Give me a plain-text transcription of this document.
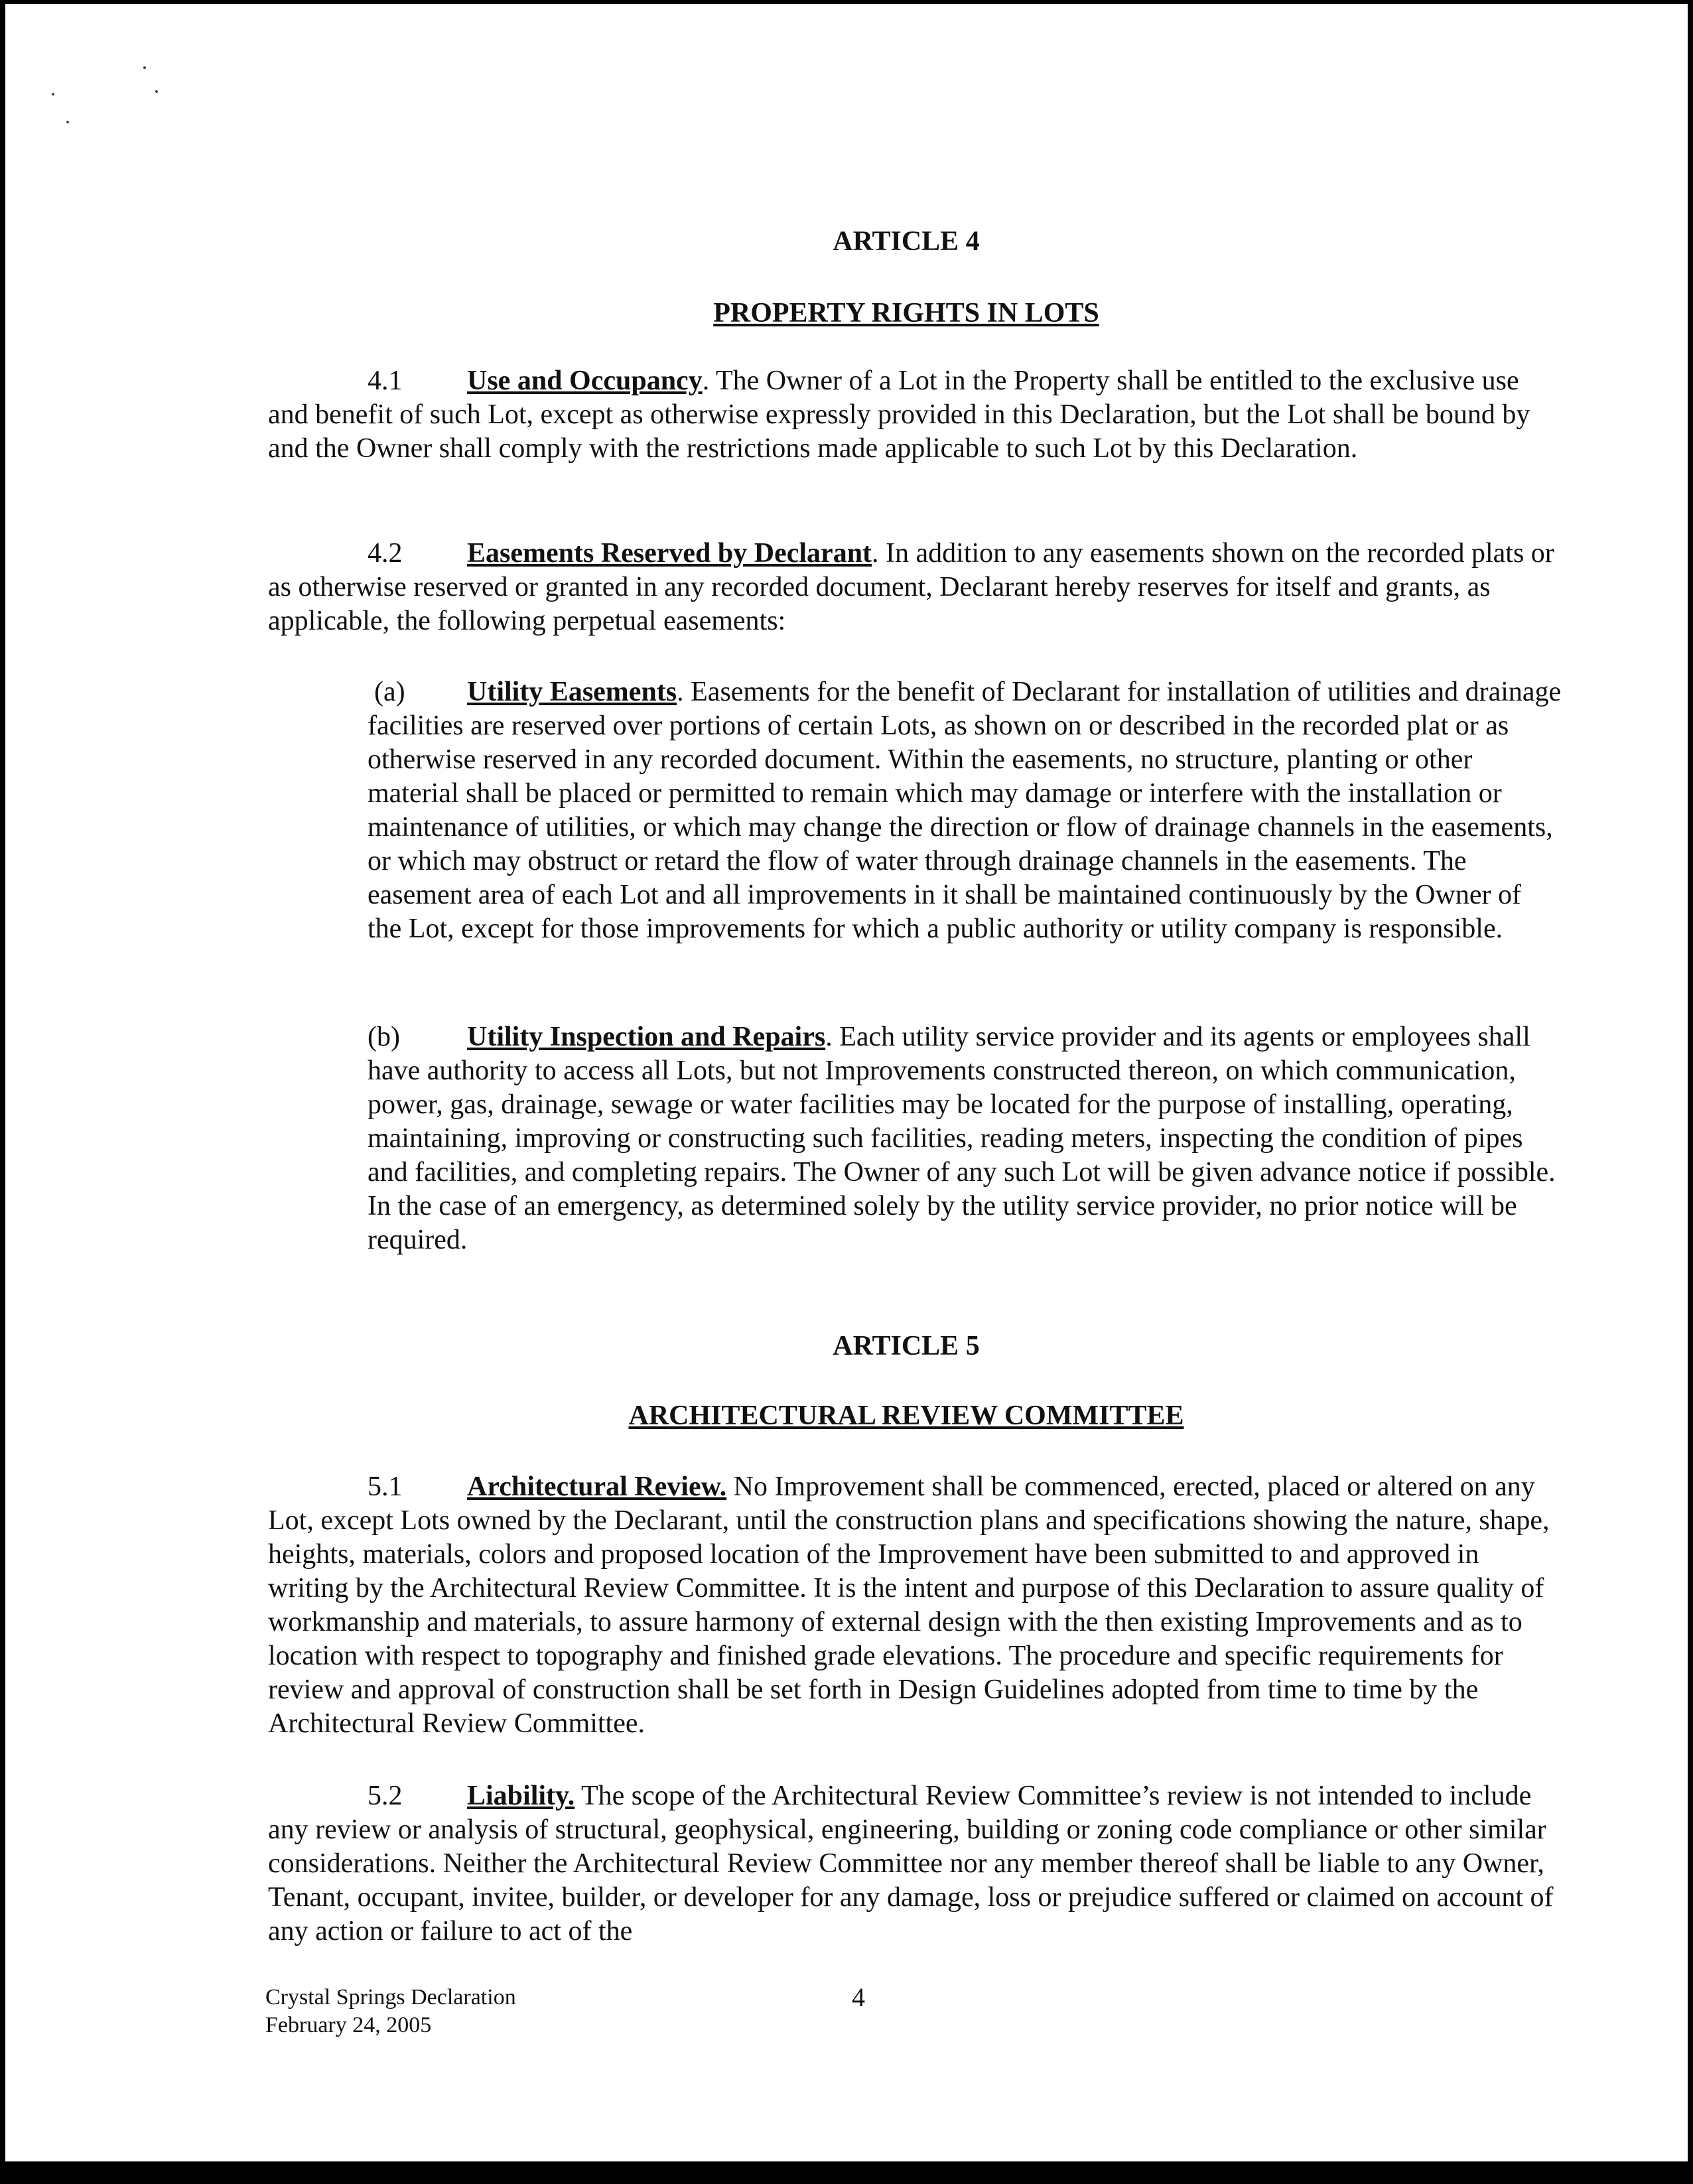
ARTICLE 4
PROPERTY RIGHTS IN LOTS

4.1 Use and Occupancy. The Owner of a Lot in the Property shall be entitled to the exclusive use and benefit of such Lot, except as otherwise expressly provided in this Declaration, but the Lot shall be bound by and the Owner shall comply with the restrictions made applicable to such Lot by this Declaration.

4.2 Easements Reserved by Declarant. In addition to any easements shown on the recorded plats or as otherwise reserved or granted in any recorded document, Declarant hereby reserves for itself and grants, as applicable, the following perpetual easements:

(a) Utility Easements. Easements for the benefit of Declarant for installation of utilities and drainage facilities are reserved over portions of certain Lots, as shown on or described in the recorded plat or as otherwise reserved in any recorded document. Within the easements, no structure, planting or other material shall be placed or permitted to remain which may damage or interfere with the installation or maintenance of utilities, or which may change the direction or flow of drainage channels in the easements, or which may obstruct or retard the flow of water through drainage channels in the easements. The easement area of each Lot and all improvements in it shall be maintained continuously by the Owner of the Lot, except for those improvements for which a public authority or utility company is responsible.

(b) Utility Inspection and Repairs. Each utility service provider and its agents or employees shall have authority to access all Lots, but not Improvements constructed thereon, on which communication, power, gas, drainage, sewage or water facilities may be located for the purpose of installing, operating, maintaining, improving or constructing such facilities, reading meters, inspecting the condition of pipes and facilities, and completing repairs. The Owner of any such Lot will be given advance notice if possible. In the case of an emergency, as determined solely by the utility service provider, no prior notice will be required.

ARTICLE 5
ARCHITECTURAL REVIEW COMMITTEE

5.1 Architectural Review. No Improvement shall be commenced, erected, placed or altered on any Lot, except Lots owned by the Declarant, until the construction plans and specifications showing the nature, shape, heights, materials, colors and proposed location of the Improvement have been submitted to and approved in writing by the Architectural Review Committee. It is the intent and purpose of this Declaration to assure quality of workmanship and materials, to assure harmony of external design with the then existing Improvements and as to location with respect to topography and finished grade elevations. The procedure and specific requirements for review and approval of construction shall be set forth in Design Guidelines adopted from time to time by the Architectural Review Committee.

5.2 Liability. The scope of the Architectural Review Committee’s review is not intended to include any review or analysis of structural, geophysical, engineering, building or zoning code compliance or other similar considerations. Neither the Architectural Review Committee nor any member thereof shall be liable to any Owner, Tenant, occupant, invitee, builder, or developer for any damage, loss or prejudice suffered or claimed on account of any action or failure to act of the

Crystal Springs Declaration
February 24, 2005
4
